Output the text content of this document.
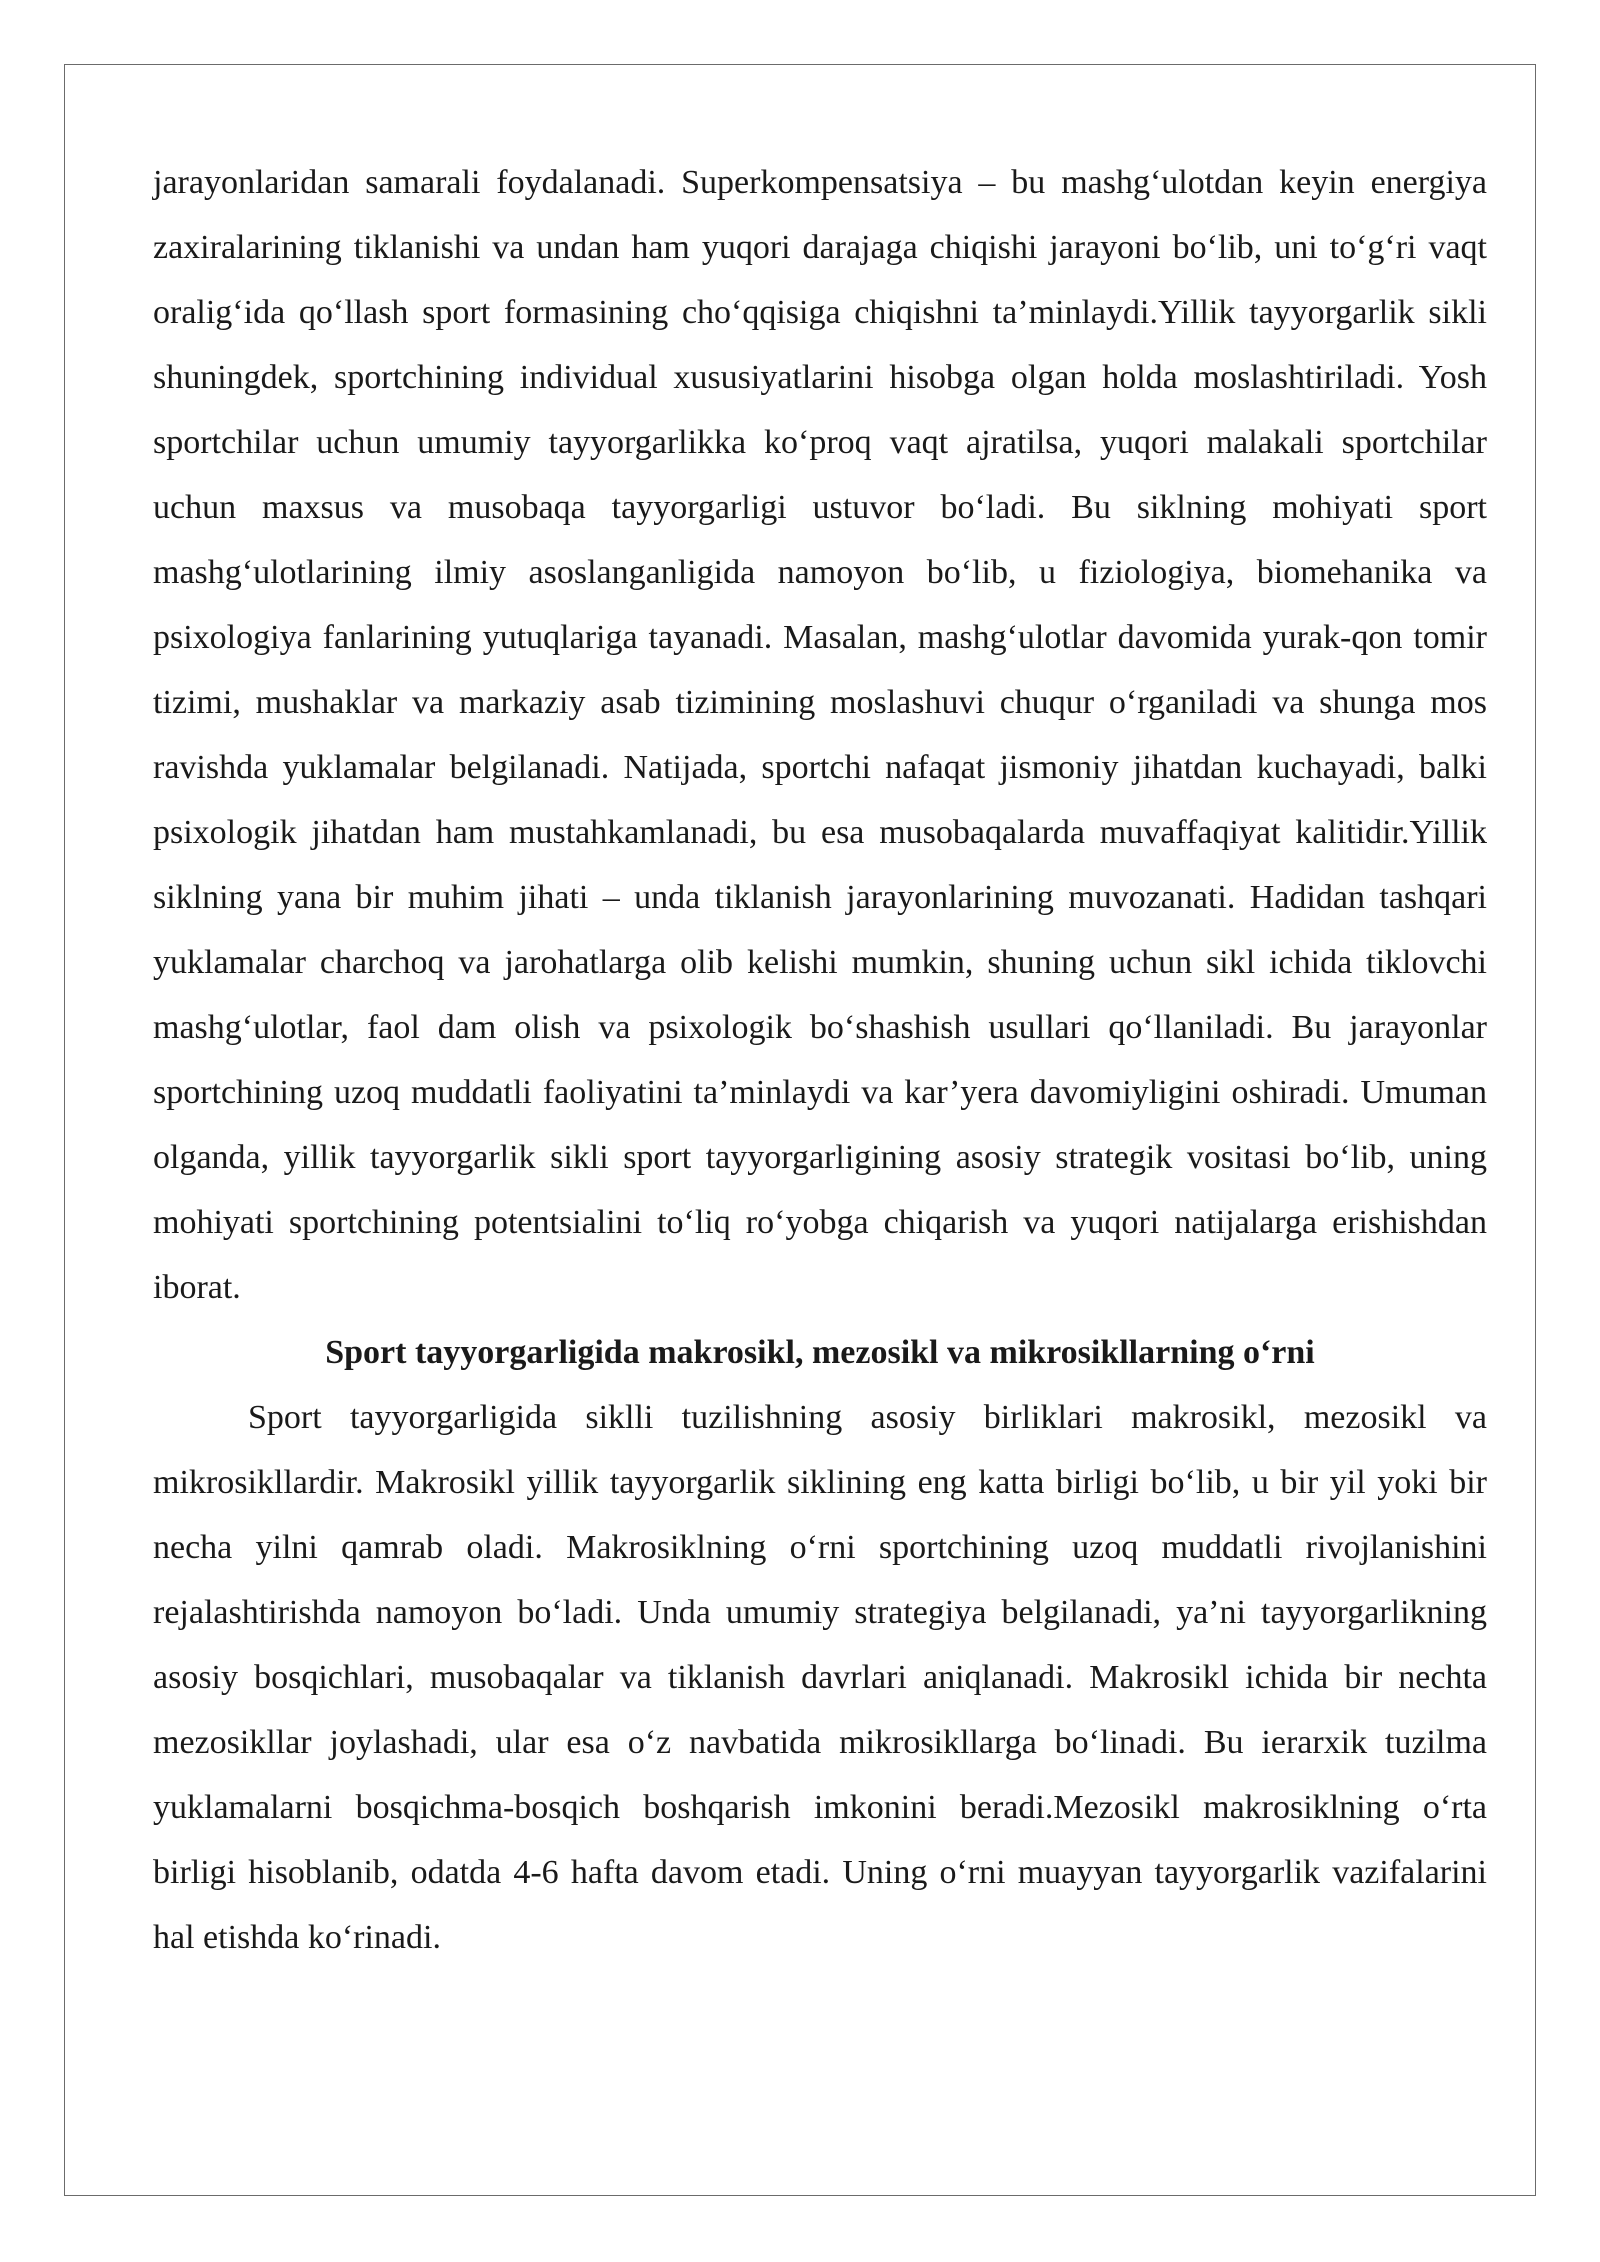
jarayonlaridan samarali foydalanadi. Superkompensatsiya – bu mashg‘ulotdan keyin energiya zaxiralarining tiklanishi va undan ham yuqori darajaga chiqishi jarayoni bo‘lib, uni to‘g‘ri vaqt oralig‘ida qo‘llash sport formasining cho‘qqisiga chiqishni ta’minlaydi.Yillik tayyorgarlik sikli shuningdek, sportchining individual xususiyatlarini hisobga olgan holda moslashtiriladi. Yosh sportchilar uchun umumiy tayyorgarlikka ko‘proq vaqt ajratilsa, yuqori malakali sportchilar uchun maxsus va musobaqa tayyorgarligi ustuvor bo‘ladi. Bu siklning mohiyati sport mashg‘ulotlarining ilmiy asoslanganligida namoyon bo‘lib, u fiziologiya, biomehanika va psixologiya fanlarining yutuqlariga tayanadi. Masalan, mashg‘ulotlar davomida yurak-qon tomir tizimi, mushaklar va markaziy asab tizimining moslashuvi chuqur o‘rganiladi va shunga mos ravishda yuklamalar belgilanadi. Natijada, sportchi nafaqat jismoniy jihatdan kuchayadi, balki psixologik jihatdan ham mustahkamlanadi, bu esa musobaqalarda muvaffaqiyat kalitidir.Yillik siklning yana bir muhim jihati – unda tiklanish jarayonlarining muvozanati. Hadidan tashqari yuklamalar charchoq va jarohatlarga olib kelishi mumkin, shuning uchun sikl ichida tiklovchi mashg‘ulotlar, faol dam olish va psixologik bo‘shashish usullari qo‘llaniladi. Bu jarayonlar sportchining uzoq muddatli faoliyatini ta’minlaydi va kar’yera davomiyligini oshiradi. Umuman olganda, yillik tayyorgarlik sikli sport tayyorgarligining asosiy strategik vositasi bo‘lib, uning mohiyati sportchining potentsialini to‘liq ro‘yobga chiqarish va yuqori natijalarga erishishdan iborat.

Sport tayyorgarligida makrosikl, mezosikl va mikrosikllarning o‘rni

Sport tayyorgarligida siklli tuzilishning asosiy birliklari makrosikl, mezosikl va mikrosikllardir. Makrosikl yillik tayyorgarlik siklining eng katta birligi bo‘lib, u bir yil yoki bir necha yilni qamrab oladi. Makrosiklning o‘rni sportchining uzoq muddatli rivojlanishini rejalashtirishda namoyon bo‘ladi. Unda umumiy strategiya belgilanadi, ya’ni tayyorgarlikning asosiy bosqichlari, musobaqalar va tiklanish davrlari aniqlanadi. Makrosikl ichida bir nechta mezosikllar joylashadi, ular esa o‘z navbatida mikrosikllarga bo‘linadi. Bu ierarxik tuzilma yuklamalarni bosqichma-bosqich boshqarish imkonini beradi.Mezosikl makrosiklning o‘rta birligi hisoblanib, odatda 4-6 hafta davom etadi. Uning o‘rni muayyan tayyorgarlik vazifalarini hal etishda ko‘rinadi.
